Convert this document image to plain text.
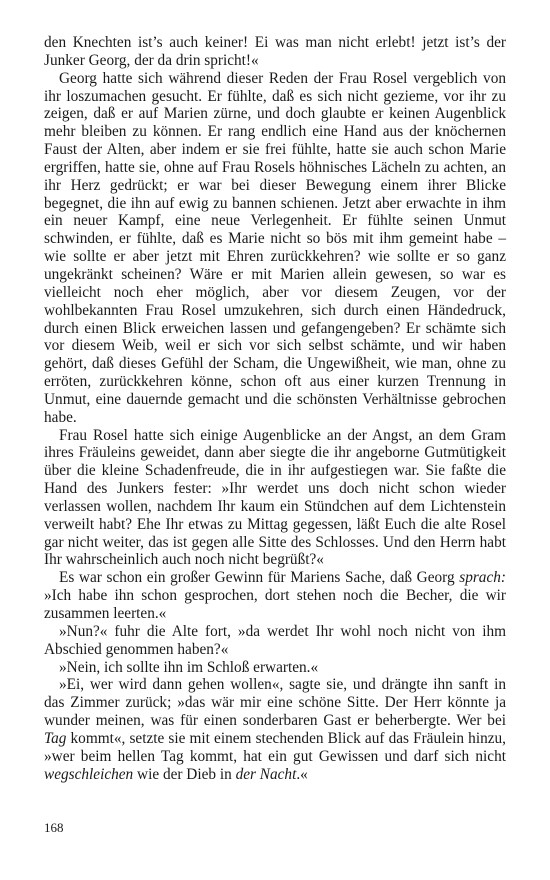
den Knechten ist’s auch keiner! Ei was man nicht erlebt! jetzt ist’s der Junker Georg, der da drin spricht!«

Georg hatte sich während dieser Reden der Frau Rosel vergeblich von ihr loszumachen gesucht. Er fühlte, daß es sich nicht gezieme, vor ihr zu zeigen, daß er auf Marien zürne, und doch glaubte er keinen Augenblick mehr bleiben zu können. Er rang endlich eine Hand aus der knöchernen Faust der Alten, aber indem er sie frei fühlte, hatte sie auch schon Marie ergriffen, hatte sie, ohne auf Frau Rosels höhnisches Lächeln zu achten, an ihr Herz gedrückt; er war bei dieser Bewegung einem ihrer Blicke begegnet, die ihn auf ewig zu bannen schienen. Jetzt aber erwachte in ihm ein neuer Kampf, eine neue Verlegenheit. Er fühlte seinen Unmut schwinden, er fühlte, daß es Marie nicht so bös mit ihm gemeint habe – wie sollte er aber jetzt mit Ehren zurückkehren? wie sollte er so ganz ungekränkt scheinen? Wäre er mit Marien allein gewesen, so war es vielleicht noch eher möglich, aber vor diesem Zeugen, vor der wohlbekannten Frau Rosel umzukehren, sich durch einen Händedruck, durch einen Blick erweichen lassen und gefangengeben? Er schämte sich vor diesem Weib, weil er sich vor sich selbst schämte, und wir haben gehört, daß dieses Gefühl der Scham, die Ungewißheit, wie man, ohne zu erröten, zurückkehren könne, schon oft aus einer kurzen Trennung in Unmut, eine dauernde gemacht und die schönsten Verhältnisse gebrochen habe.

Frau Rosel hatte sich einige Augenblicke an der Angst, an dem Gram ihres Fräuleins geweidet, dann aber siegte die ihr angeborne Gutmütigkeit über die kleine Schadenfreude, die in ihr aufgestiegen war. Sie faßte die Hand des Junkers fester: »Ihr werdet uns doch nicht schon wieder verlassen wollen, nachdem Ihr kaum ein Stündchen auf dem Lichtenstein verweilt habt? Ehe Ihr etwas zu Mittag gegessen, läßt Euch die alte Rosel gar nicht weiter, das ist gegen alle Sitte des Schlosses. Und den Herrn habt Ihr wahrscheinlich auch noch nicht begrüßt?«

Es war schon ein großer Gewinn für Mariens Sache, daß Georg sprach: »Ich habe ihn schon gesprochen, dort stehen noch die Becher, die wir zusammen leerten.«

»Nun?« fuhr die Alte fort, »da werdet Ihr wohl noch nicht von ihm Abschied genommen haben?«

»Nein, ich sollte ihn im Schloß erwarten.«

»Ei, wer wird dann gehen wollen«, sagte sie, und drängte ihn sanft in das Zimmer zurück; »das wär mir eine schöne Sitte. Der Herr könnte ja wunder meinen, was für einen sonderbaren Gast er beherbergte. Wer bei Tag kommt«, setzte sie mit einem stechenden Blick auf das Fräulein hinzu, »wer beim hellen Tag kommt, hat ein gut Gewissen und darf sich nicht wegschleichen wie der Dieb in der Nacht.«

168
